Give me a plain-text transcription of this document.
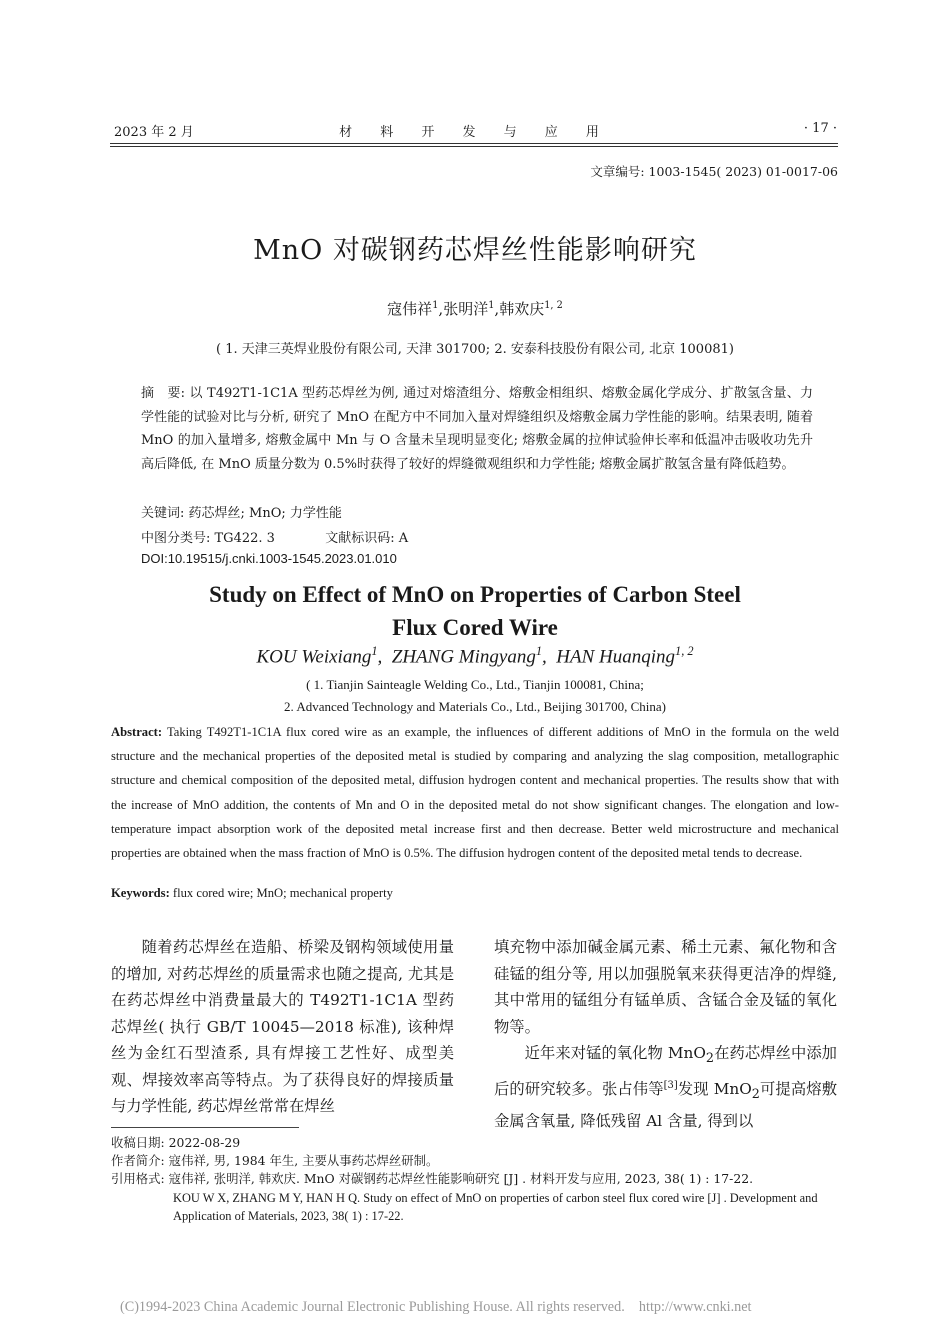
2023 年 2 月	材 料 开 发 与 应 用	· 17 ·
文章编号: 1003-1545( 2023) 01-0017-06
MnO 对碳钢药芯焊丝性能影响研究
寇伟祥$^1$,张明洋$^1$,韩欢庆$^{1, 2}$
( 1. 天津三英焊业股份有限公司, 天津 301700; 2. 安泰科技股份有限公司, 北京 100081)
摘　要: 以 T492T1-1C1A 型药芯焊丝为例, 通过对熔渣组分、熔敷金相组织、熔敷金属化学成分、扩散氢含量、力学性能的试验对比与分析, 研究了 MnO 在配方中不同加入量对焊缝组织及熔敷金属力学性能的影响。结果表明, 随着 MnO 的加入量增多, 熔敷金属中 Mn 与 O 含量未呈现明显变化; 熔敷金属的拉伸试验伸长率和低温冲击吸收功先升高后降低, 在 MnO 质量分数为 0.5%时获得了较好的焊缝微观组织和力学性能; 熔敷金属扩散氢含量有降低趋势。
关键词: 药芯焊丝; MnO; 力学性能
中图分类号: TG422. 3	文献标识码: A
DOI:10.19515/j.cnki.1003-1545.2023.01.010
Study on Effect of MnO on Properties of Carbon Steel
Flux Cored Wire
KOU Weixiang$^1$,  ZHANG Mingyang$^1$,  HAN Huanqing$^{1, 2}$
( 1. Tianjin Sainteagle Welding Co., Ltd., Tianjin 100081, China;
2. Advanced Technology and Materials Co., Ltd., Beijing 301700, China)
Abstract: Taking T492T1-1C1A flux cored wire as an example, the influences of different additions of MnO in the formula on the weld structure and the mechanical properties of the deposited metal is studied by comparing and analyzing the slag composition, metallographic structure and chemical composition of the deposited metal, diffusion hydrogen content and mechanical properties. The results show that with the increase of MnO addition, the contents of Mn and O in the deposited metal do not show significant changes. The elongation and low-temperature impact absorption work of the deposited metal increase first and then decrease. Better weld microstructure and mechanical properties are obtained when the mass fraction of MnO is 0.5%. The diffusion hydrogen content of the deposited metal tends to decrease.
Keywords: flux cored wire; MnO; mechanical property

随着药芯焊丝在造船、桥梁及钢构领域使用量的增加, 对药芯焊丝的质量需求也随之提高, 尤其是在药芯焊丝中消费量最大的 T492T1-1C1A 型药芯焊丝( 执行 GB/T 10045—2018 标准), 该种焊丝为金红石型渣系, 具有焊接工艺性好、成型美观、焊接效率高等特点。为了获得良好的焊接质量与力学性能, 药芯焊丝常常在焊丝

填充物中添加碱金属元素、稀土元素、氟化物和含硅锰的组分等, 用以加强脱氧来获得更洁净的焊缝, 其中常用的锰组分有锰单质、含锰合金及锰的氧化物等。

近年来对锰的氧化物 MnO$_2$在药芯焊丝中添加后的研究较多。张占伟等[3]发现 MnO$_2$可提高熔敷金属含氧量, 降低残留 Al 含量, 得到以

收稿日期: 2022-08-29
作者简介: 寇伟祥, 男, 1984 年生, 主要从事药芯焊丝研制。
引用格式: 寇伟祥, 张明洋, 韩欢庆. MnO 对碳钢药芯焊丝性能影响研究 [J] . 材料开发与应用, 2023, 38( 1) : 17-22.
KOU W X, ZHANG M Y, HAN H Q. Study on effect of MnO on properties of carbon steel flux cored wire [J] . Development and Application of Materials, 2023, 38( 1) : 17-22.
(C)1994-2023 China Academic Journal Electronic Publishing House. All rights reserved.    http://www.cnki.net
